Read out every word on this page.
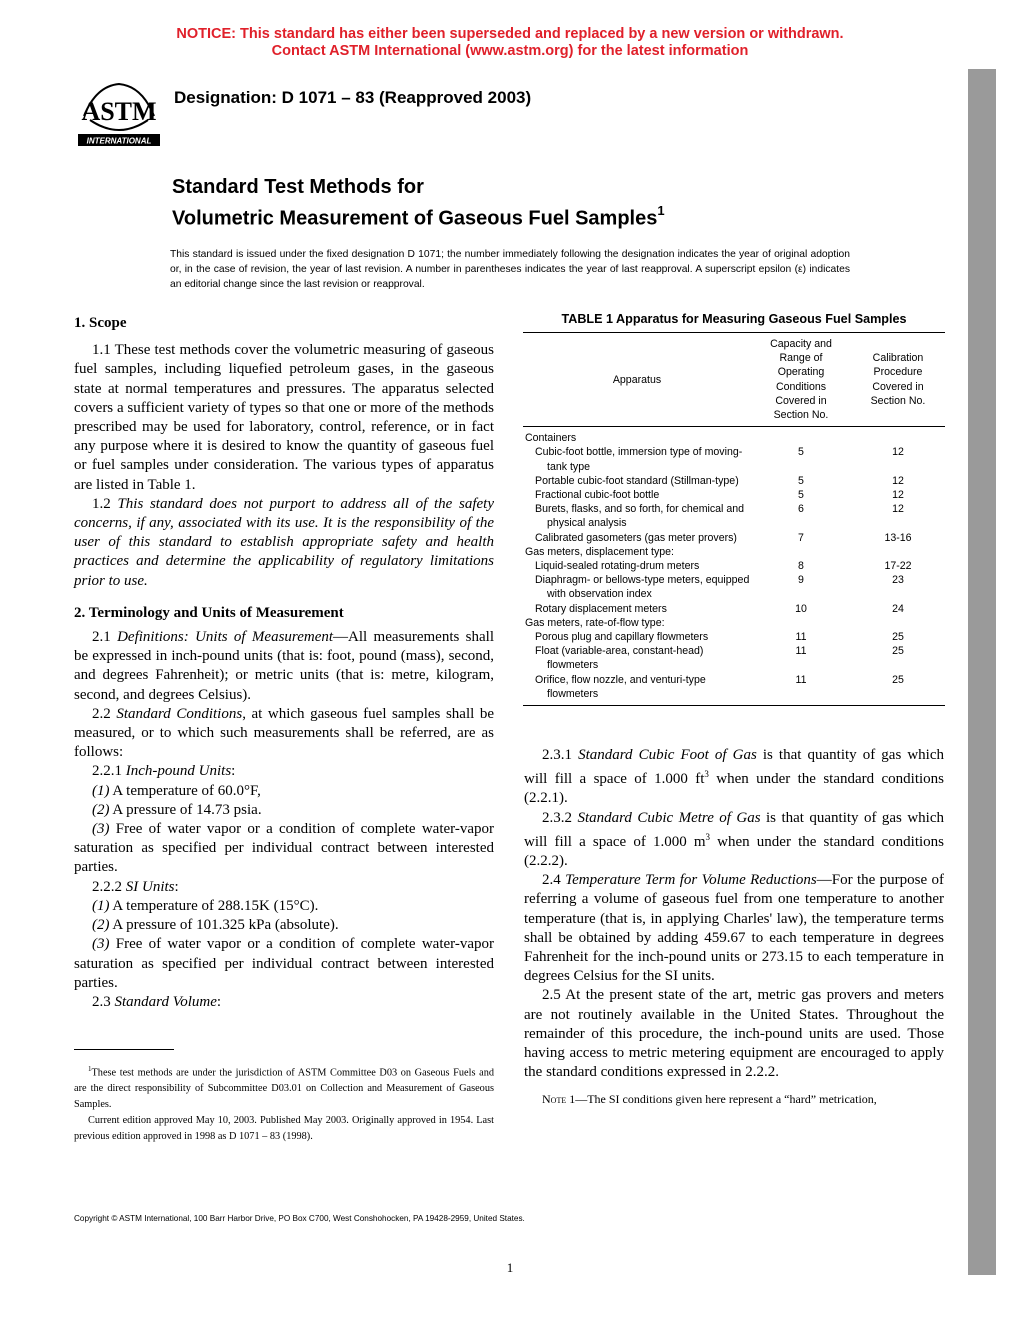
NOTICE: This standard has either been superseded and replaced by a new version or withdrawn.
Contact ASTM International (www.astm.org) for the latest information
ASTM
INTERNATIONAL
Designation: D 1071 – 83 (Reapproved 2003)
Standard Test Methods for
Volumetric Measurement of Gaseous Fuel Samples$^1$
This standard is issued under the fixed designation D 1071; the number immediately following the designation indicates the year of original adoption or, in the case of revision, the year of last revision. A number in parentheses indicates the year of last reapproval. A superscript epsilon (ε) indicates an editorial change since the last revision or reapproval.
1. Scope

1.1 These test methods cover the volumetric measuring of gaseous fuel samples, including liquefied petroleum gases, in the gaseous state at normal temperatures and pressures. The apparatus selected covers a sufficient variety of types so that one or more of the methods prescribed may be used for laboratory, control, reference, or in fact any purpose where it is desired to know the quantity of gaseous fuel or fuel samples under consideration. The various types of apparatus are listed in Table 1.

1.2 This standard does not purport to address all of the safety concerns, if any, associated with its use. It is the responsibility of the user of this standard to establish appropriate safety and health practices and determine the applicability of regulatory limitations prior to use.

2. Terminology and Units of Measurement

2.1 Definitions: Units of Measurement—All measurements shall be expressed in inch-pound units (that is: foot, pound (mass), second, and degrees Fahrenheit); or metric units (that is: metre, kilogram, second, and degrees Celsius).

2.2 Standard Conditions, at which gaseous fuel samples shall be measured, or to which such measurements shall be referred, are as follows:

2.2.1 Inch-pound Units:

(1) A temperature of 60.0°F,

(2) A pressure of 14.73 psia.

(3) Free of water vapor or a condition of complete water-vapor saturation as specified per individual contract between interested parties.

2.2.2 SI Units:

(1) A temperature of 288.15K (15°C).

(2) A pressure of 101.325 kPa (absolute).

(3) Free of water vapor or a condition of complete water-vapor saturation as specified per individual contract between interested parties.

2.3 Standard Volume:

TABLE 1 Apparatus for Measuring Gaseous Fuel Samples
Apparatus	Capacity and Range of Operating Conditions Covered in Section No.	Calibration Procedure Covered in Section No.
Containers		

Cubic-foot bottle, immersion type of moving-tank type	5	12

Portable cubic-foot standard (Stillman-type)	5	12

Fractional cubic-foot bottle	5	12

Burets, flasks, and so forth, for chemical and physical analysis	6	12

Calibrated gasometers (gas meter provers)	7	13-16
Gas meters, displacement type:		

Liquid-sealed rotating-drum meters	8	17-22

Diaphragm- or bellows-type meters, equipped with observation index	9	23

Rotary displacement meters	10	24
Gas meters, rate-of-flow type:		

Porous plug and capillary flowmeters	11	25

Float (variable-area, constant-head) flowmeters	11	25

Orifice, flow nozzle, and venturi-type flowmeters	11	25

2.3.1 Standard Cubic Foot of Gas is that quantity of gas which will fill a space of 1.000 $ft^3$ when under the standard conditions (2.2.1).

2.3.2 Standard Cubic Metre of Gas is that quantity of gas which will fill a space of 1.000 $m^3$ when under the standard conditions (2.2.2).

2.4 Temperature Term for Volume Reductions—For the purpose of referring a volume of gaseous fuel from one temperature to another temperature (that is, in applying Charles' law), the temperature terms shall be obtained by adding 459.67 to each temperature in degrees Fahrenheit for the inch-pound units or 273.15 to each temperature in degrees Celsius for the SI units.

2.5 At the present state of the art, metric gas provers and meters are not routinely available in the United States. Throughout the remainder of this procedure, the inch-pound units are used. Those having access to metric metering equipment are encouraged to apply the standard conditions expressed in 2.2.2.

Note 1—The SI conditions given here represent a “hard” metrication,

$^1$These test methods are under the jurisdiction of ASTM Committee D03 on Gaseous Fuels and are the direct responsibility of Subcommittee D03.01 on Collection and Measurement of Gaseous Samples.

Current edition approved May 10, 2003. Published May 2003. Originally approved in 1954. Last previous edition approved in 1998 as D 1071 – 83 (1998).

Copyright © ASTM International, 100 Barr Harbor Drive, PO Box C700, West Conshohocken, PA 19428-2959, United States.
1
